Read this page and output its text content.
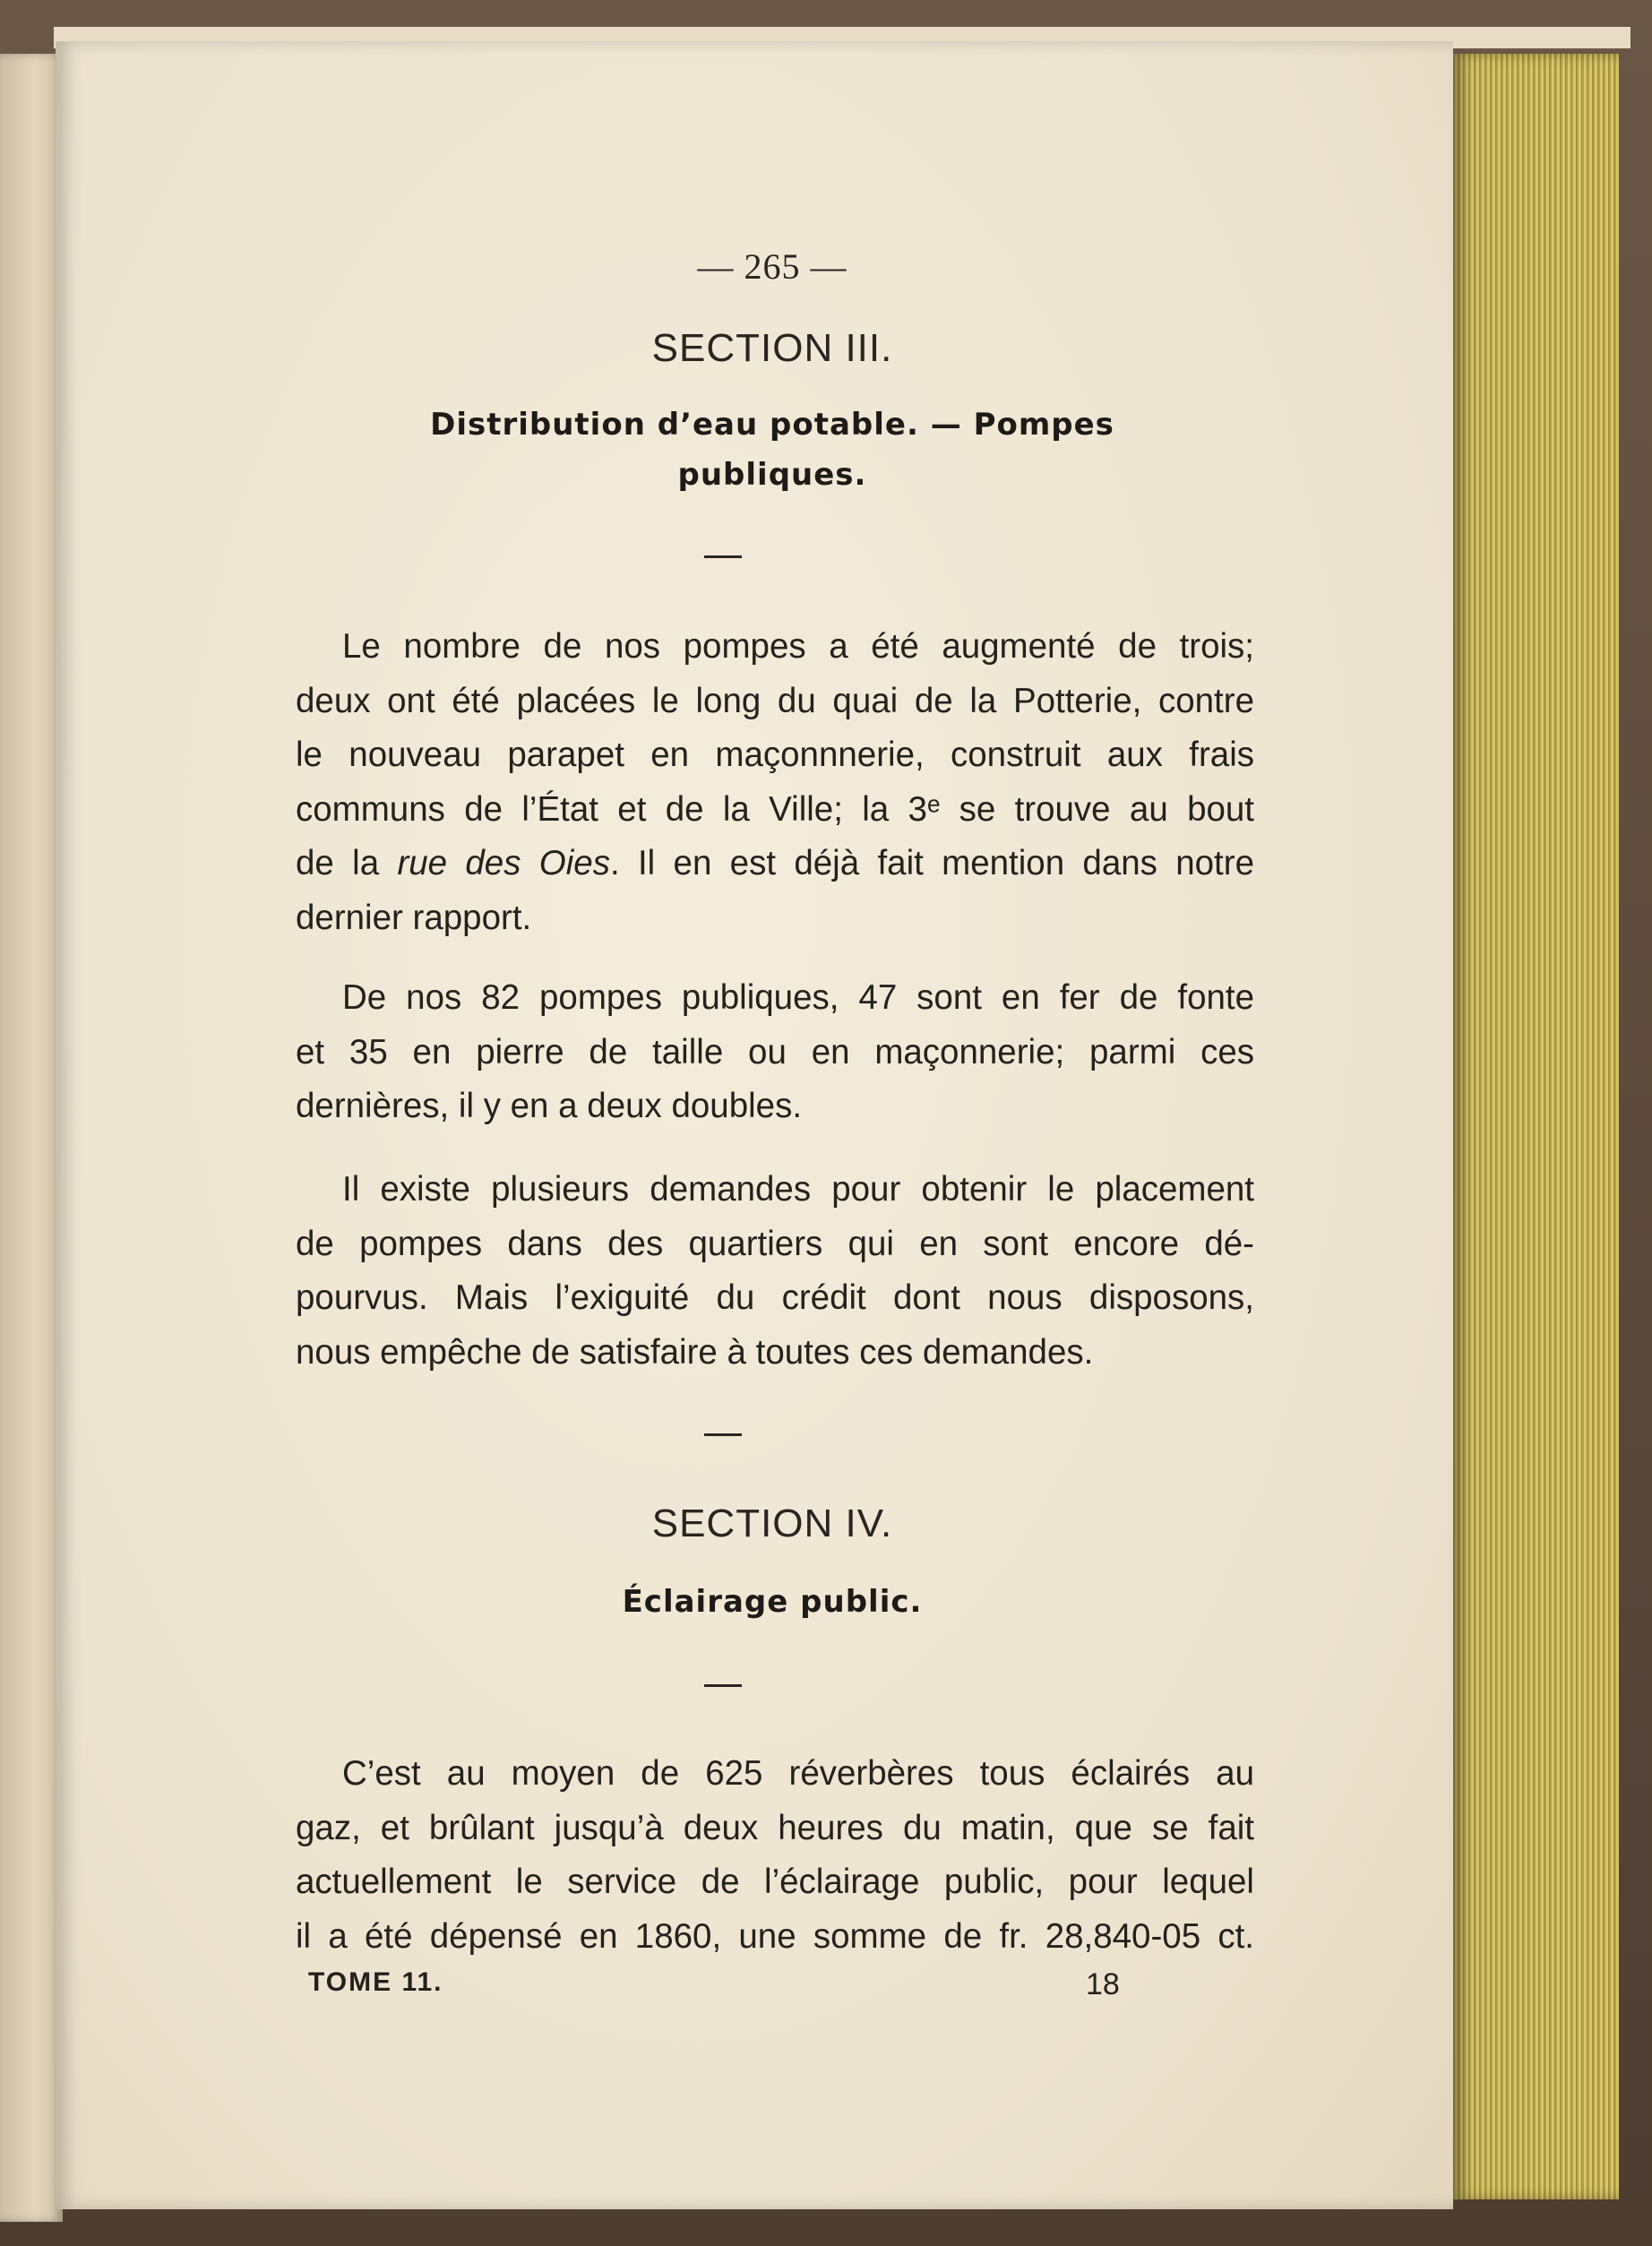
— 265 —
SECTION III.
Distribution d’eau potable. — Pompes
publiques.

Le nombre de nos pompes a été augmenté de trois;

deux ont été placées le long du quai de la Potterie, contre

le nouveau parapet en maçonnnerie, construit aux frais

communs de l’État et de la Ville; la 3ᵉ se trouve au bout

de la rue des Oies. Il en est déjà fait mention dans notre

dernier rapport.

De nos 82 pompes publiques, 47 sont en fer de fonte

et 35 en pierre de taille ou en maçonnerie; parmi ces

dernières, il y en a deux doubles.

Il existe plusieurs demandes pour obtenir le placement

de pompes dans des quartiers qui en sont encore dé-

pourvus. Mais l’exiguité du crédit dont nous disposons,

nous empêche de satisfaire à toutes ces demandes.

SECTION IV.
Éclairage public.

C’est au moyen de 625 réverbères tous éclairés au

gaz, et brûlant jusqu’à deux heures du matin, que se fait

actuellement le service de l’éclairage public, pour lequel

il a été dépensé en 1860, une somme de fr. 28,840-05 ct.

TOME 11.	18
